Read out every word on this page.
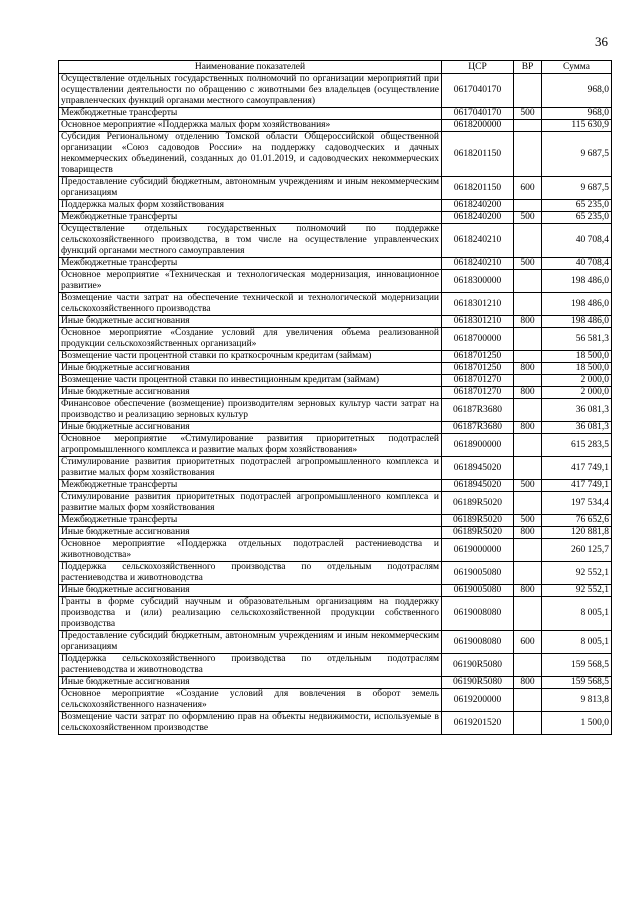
36
Наименование показателей	ЦСР	ВР	Сумма
Осуществление отдельных государственных полномочий по организации мероприятий при осуществлении деятельности по обращению с животными без владельцев (осуществление управленческих функций органами местного самоуправления)	0617040170		968,0
Межбюджетные трансферты	0617040170	500	968,0
Основное мероприятие «Поддержка малых форм хозяйствования»	0618200000		115 630,9
Субсидия Региональному отделению Томской области Общероссийской общественной организации «Союз садоводов России» на поддержку садоводческих и дачных некоммерческих объединений, созданных до 01.01.2019, и садоводческих некоммерческих товариществ	0618201150		9 687,5
Предоставление субсидий бюджетным, автономным учреждениям и иным некоммерческим организациям	0618201150	600	9 687,5
Поддержка малых форм хозяйствования	0618240200		65 235,0
Межбюджетные трансферты	0618240200	500	65 235,0
Осуществление отдельных государственных полномочий по поддержке сельскохозяйственного производства, в том числе на осуществление управленческих функций органами местного самоуправления	0618240210		40 708,4
Межбюджетные трансферты	0618240210	500	40 708,4
Основное мероприятие «Техническая и технологическая модернизация, инновационное развитие»	0618300000		198 486,0
Возмещение части затрат на обеспечение технической и технологической модернизации сельскохозяйственного производства	0618301210		198 486,0
Иные бюджетные ассигнования	0618301210	800	198 486,0
Основное мероприятие «Создание условий для увеличения объема реализованной продукции сельскохозяйственных организаций»	0618700000		56 581,3
Возмещение части процентной ставки по краткосрочным кредитам (займам)	0618701250		18 500,0
Иные бюджетные ассигнования	0618701250	800	18 500,0
Возмещение части процентной ставки по инвестиционным кредитам (займам)	0618701270		2 000,0
Иные бюджетные ассигнования	0618701270	800	2 000,0
Финансовое обеспечение (возмещение) производителям зерновых культур части затрат на производство и реализацию зерновых культур	06187R3680		36 081,3
Иные бюджетные ассигнования	06187R3680	800	36 081,3
Основное мероприятие «Стимулирование развития приоритетных подотраслей агропромышленного комплекса и развитие малых форм хозяйствования»	0618900000		615 283,5
Стимулирование развития приоритетных подотраслей агропромышленного комплекса и развитие малых форм хозяйствования	0618945020		417 749,1
Межбюджетные трансферты	0618945020	500	417 749,1
Стимулирование развития приоритетных подотраслей агропромышленного комплекса и развитие малых форм хозяйствования	06189R5020		197 534,4
Межбюджетные трансферты	06189R5020	500	76 652,6
Иные бюджетные ассигнования	06189R5020	800	120 881,8
Основное мероприятие «Поддержка отдельных подотраслей растениеводства и животноводства»	0619000000		260 125,7
Поддержка сельскохозяйственного производства по отдельным подотраслям растениеводства и животноводства	0619005080		92 552,1
Иные бюджетные ассигнования	0619005080	800	92 552,1
Гранты в форме субсидий научным и образовательным организациям на поддержку производства и (или) реализацию сельскохозяйственной продукции собственного производства	0619008080		8 005,1
Предоставление субсидий бюджетным, автономным учреждениям и иным некоммерческим организациям	0619008080	600	8 005,1
Поддержка сельскохозяйственного производства по отдельным подотраслям растениеводства и животноводства	06190R5080		159 568,5
Иные бюджетные ассигнования	06190R5080	800	159 568,5
Основное мероприятие «Создание условий для вовлечения в оборот земель сельскохозяйственного назначения»	0619200000		9 813,8
Возмещение части затрат по оформлению прав на объекты недвижимости, используемые в сельскохозяйственном производстве	0619201520		1 500,0
